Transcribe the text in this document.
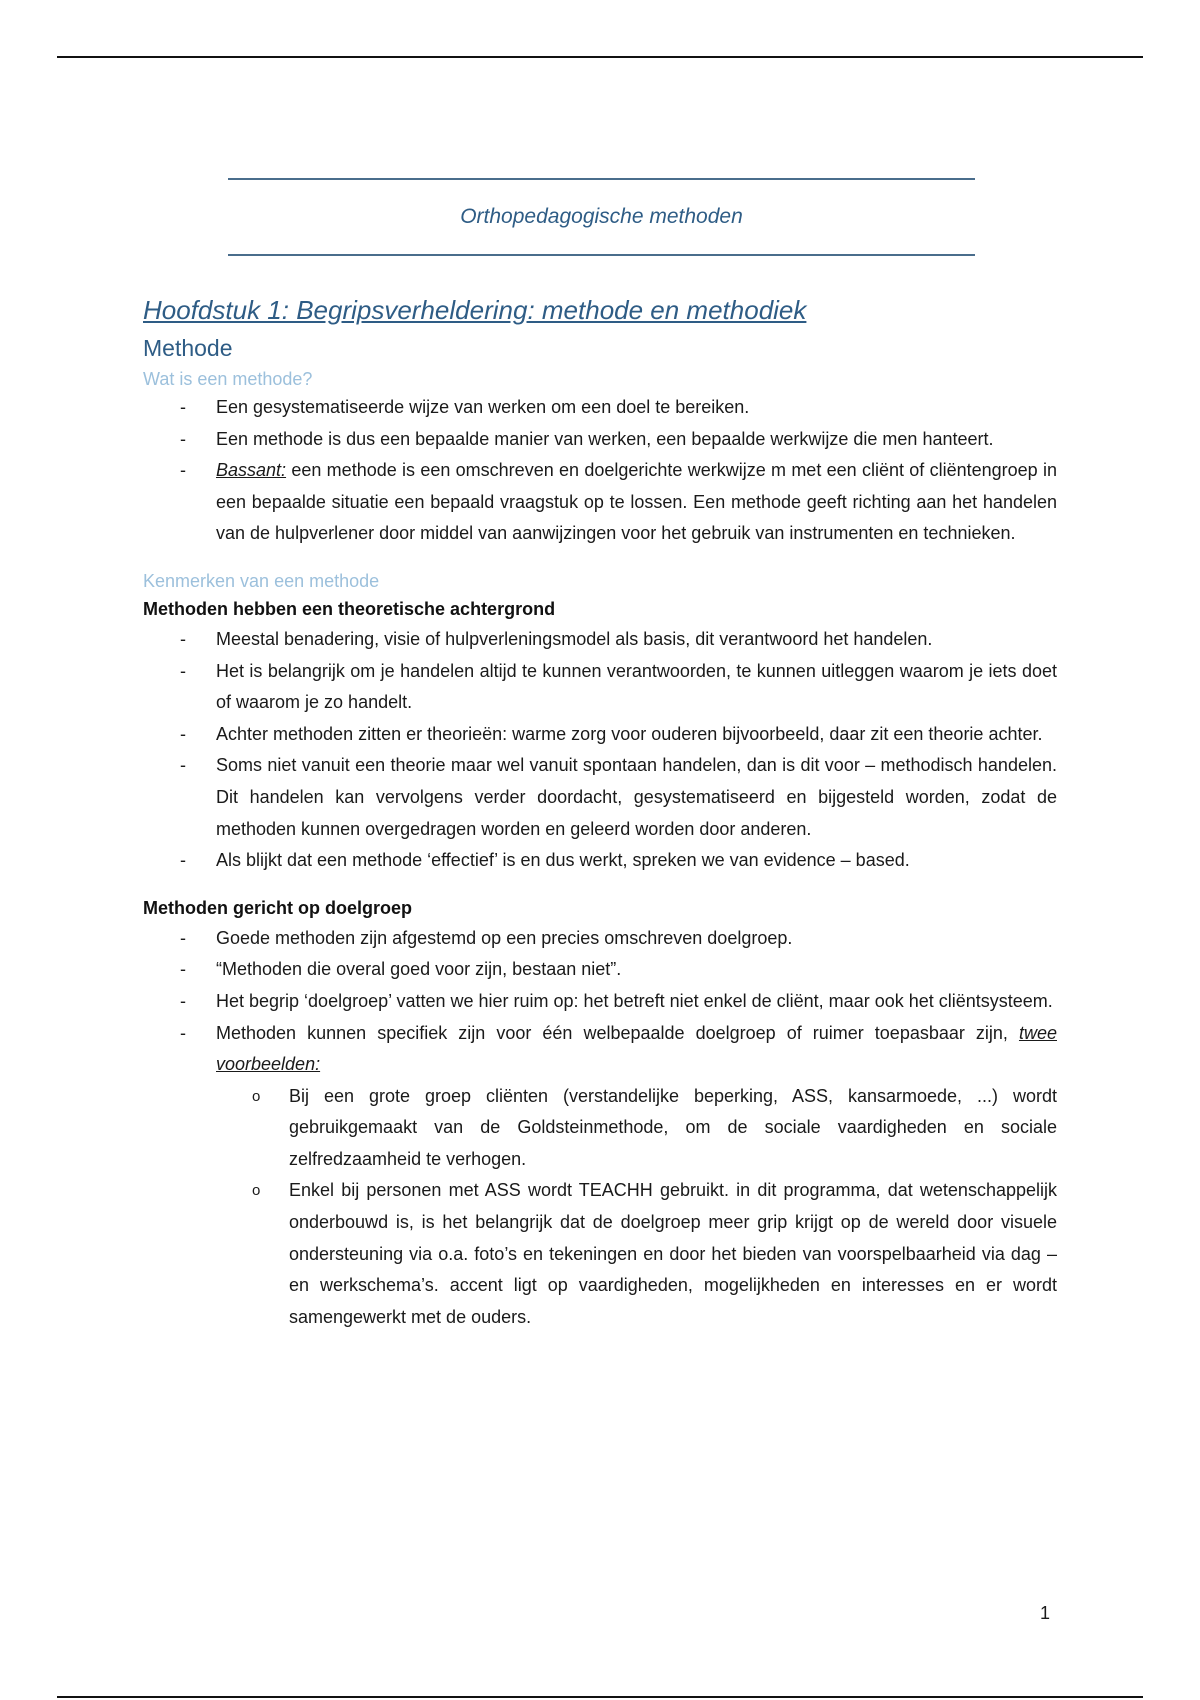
Orthopedagogische methoden
Hoofdstuk 1: Begripsverheldering: methode en methodiek
Methode
Wat is een methode?
- Een gesystematiseerde wijze van werken om een doel te bereiken.
- Een methode is dus een bepaalde manier van werken, een bepaalde werkwijze die men hanteert.
- Bassant: een methode is een omschreven en doelgerichte werkwijze m met een cliënt of cliëntengroep in een bepaalde situatie een bepaald vraagstuk op te lossen. Een methode geeft richting aan het handelen van de hulpverlener door middel van aanwijzingen voor het gebruik van instrumenten en technieken.
Kenmerken van een methode
Methoden hebben een theoretische achtergrond
- Meestal benadering, visie of hulpverleningsmodel als basis, dit verantwoord het handelen.
- Het is belangrijk om je handelen altijd te kunnen verantwoorden, te kunnen uitleggen waarom je iets doet of waarom je zo handelt.
- Achter methoden zitten er theorieën: warme zorg voor ouderen bijvoorbeeld, daar zit een theorie achter.
- Soms niet vanuit een theorie maar wel vanuit spontaan handelen, dan is dit voor – methodisch handelen. Dit handelen kan vervolgens verder doordacht, gesystematiseerd en bijgesteld worden, zodat de methoden kunnen overgedragen worden en geleerd worden door anderen.
- Als blijkt dat een methode ‘effectief’ is en dus werkt, spreken we van evidence – based.
Methoden gericht op doelgroep
- Goede methoden zijn afgestemd op een precies omschreven doelgroep.
- “Methoden die overal goed voor zijn, bestaan niet”.
- Het begrip ‘doelgroep’ vatten we hier ruim op: het betreft niet enkel de cliënt, maar ook het cliëntsysteem.
- Methoden kunnen specifiek zijn voor één welbepaalde doelgroep of ruimer toepasbaar zijn, twee voorbeelden:
o Bij een grote groep cliënten (verstandelijke beperking, ASS, kansarmoede, ...) wordt gebruikgemaakt van de Goldsteinmethode, om de sociale vaardigheden en sociale zelfredzaamheid te verhogen.
o Enkel bij personen met ASS wordt TEACHH gebruikt. in dit programma, dat wetenschappelijk onderbouwd is, is het belangrijk dat de doelgroep meer grip krijgt op de wereld door visuele ondersteuning via o.a. foto’s en tekeningen en door het bieden van voorspelbaarheid via dag – en werkschema’s. accent ligt op vaardigheden, mogelijkheden en interesses en er wordt samengewerkt met de ouders.
1
